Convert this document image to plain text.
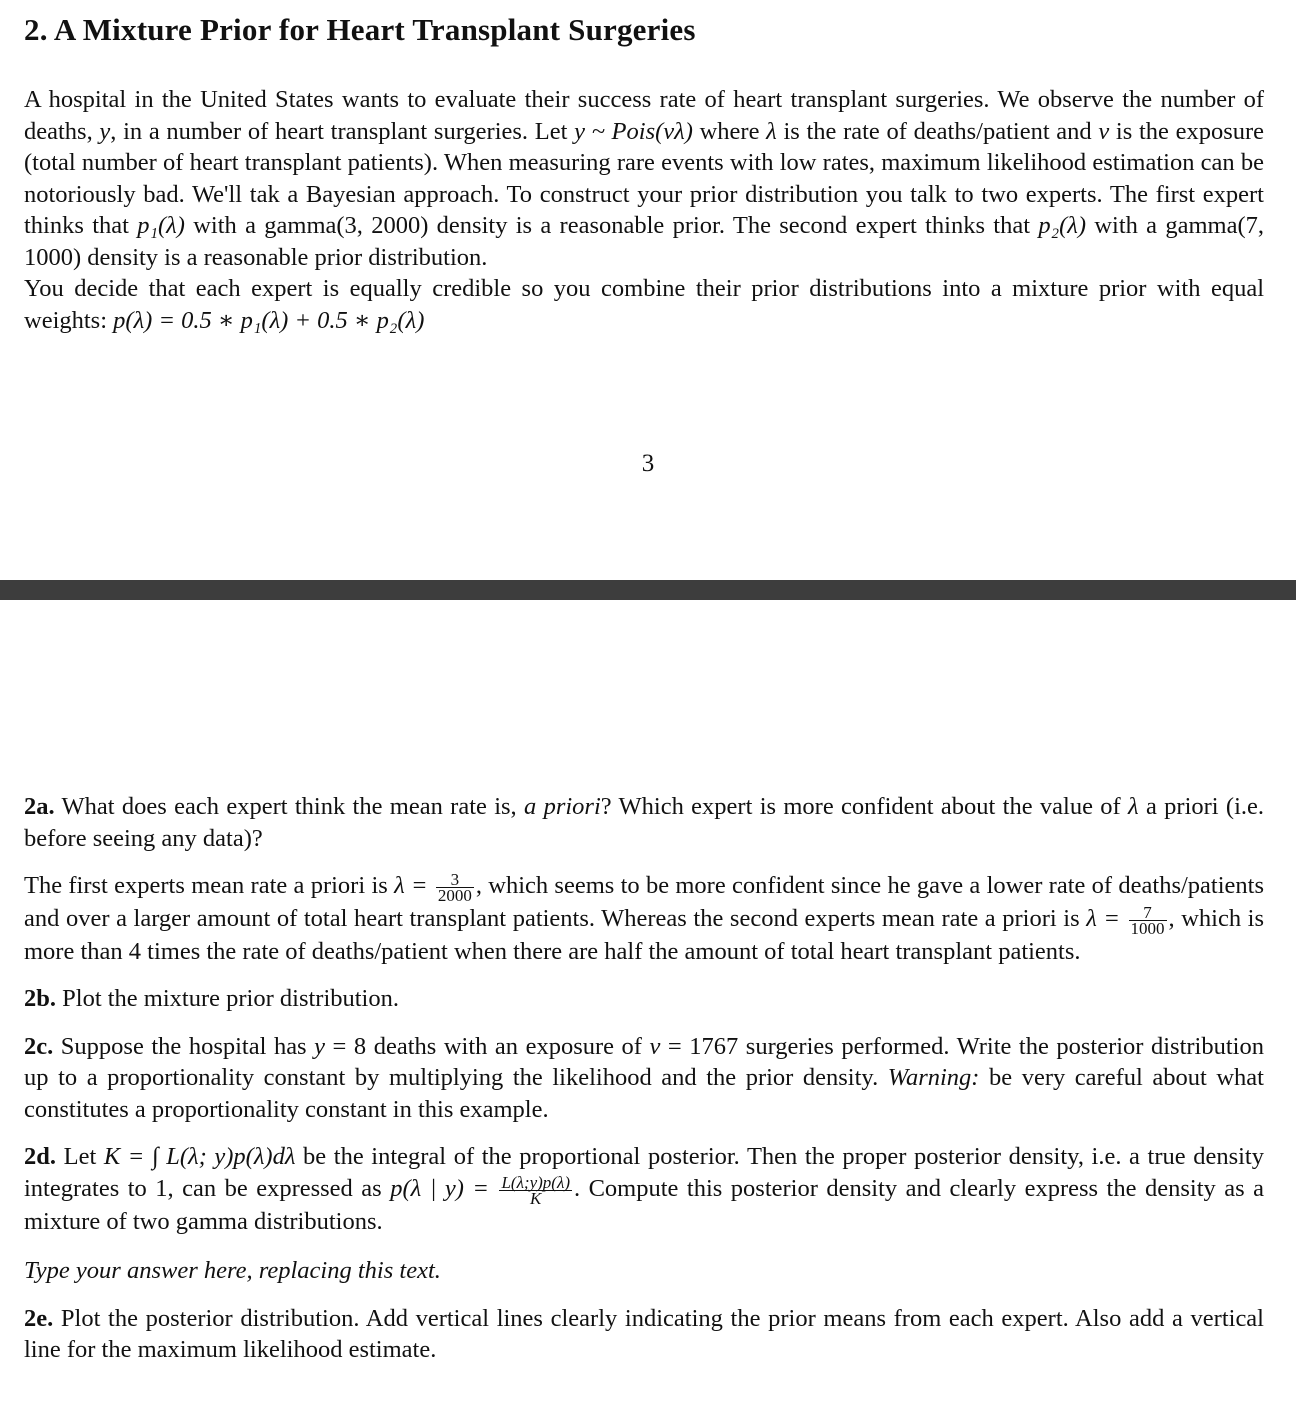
2. A Mixture Prior for Heart Transplant Surgeries

A hospital in the United States wants to evaluate their success rate of heart transplant surgeries. We observe the number of deaths, y, in a number of heart transplant surgeries. Let y ~ Pois(νλ) where λ is the rate of deaths/patient and ν is the exposure (total number of heart transplant patients). When measuring rare events with low rates, maximum likelihood estimation can be notoriously bad. We'll tak a Bayesian approach. To construct your prior distribution you talk to two experts. The first expert thinks that p₁(λ) with a gamma(3, 2000) density is a reasonable prior. The second expert thinks that p₂(λ) with a gamma(7, 1000) density is a reasonable prior distribution.

You decide that each expert is equally credible so you combine their prior distributions into a mixture prior with equal weights: p(λ) = 0.5 ∗ p₁(λ) + 0.5 ∗ p₂(λ)

3

2a. What does each expert think the mean rate is, a priori? Which expert is more confident about the value of λ a priori (i.e. before seeing any data)?

The first experts mean rate a priori is $\lambda = \frac{3}{2000}$ , which seems to be more confident since he gave a lower rate of deaths/patients and over a larger amount of total heart transplant patients. Whereas the second experts mean rate a priori is $\lambda = \frac{7}{1000}$ , which is more than 4 times the rate of deaths/patient when there are half the amount of total heart transplant patients.

2b. Plot the mixture prior distribution.

2c. Suppose the hospital has y = 8 deaths with an exposure of ν = 1767 surgeries performed. Write the posterior distribution up to a proportionality constant by multiplying the likelihood and the prior density. Warning: be very careful about what constitutes a proportionality constant in this example.

2d. Let K = ∫ L(λ; y)p(λ)dλ be the integral of the proportional posterior. Then the proper posterior density, i.e. a true density integrates to 1, can be expressed as p(λ | $y) = \frac{L(\lambda;y)p(\lambda)}{K}$ . Compute this posterior density and clearly express the density as a mixture of two gamma distributions.

Type your answer here, replacing this text.

2e. Plot the posterior distribution. Add vertical lines clearly indicating the prior means from each expert. Also add a vertical line for the maximum likelihood estimate.
